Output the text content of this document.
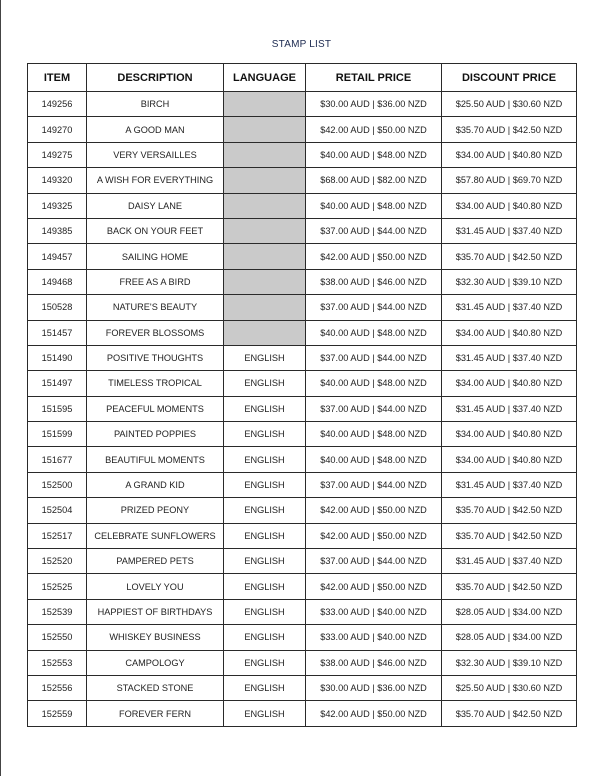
STAMP LIST
ITEM	DESCRIPTION	LANGUAGE	RETAIL PRICE	DISCOUNT PRICE
149256	BIRCH		$30.00 AUD | $36.00 NZD	$25.50 AUD | $30.60 NZD
149270	A GOOD MAN		$42.00 AUD | $50.00 NZD	$35.70 AUD | $42.50 NZD
149275	VERY VERSAILLES		$40.00 AUD | $48.00 NZD	$34.00 AUD | $40.80 NZD
149320	A WISH FOR EVERYTHING		$68.00 AUD | $82.00 NZD	$57.80 AUD | $69.70 NZD
149325	DAISY LANE		$40.00 AUD | $48.00 NZD	$34.00 AUD | $40.80 NZD
149385	BACK ON YOUR FEET		$37.00 AUD | $44.00 NZD	$31.45 AUD | $37.40 NZD
149457	SAILING HOME		$42.00 AUD | $50.00 NZD	$35.70 AUD | $42.50 NZD
149468	FREE AS A BIRD		$38.00 AUD | $46.00 NZD	$32.30 AUD | $39.10 NZD
150528	NATURE'S BEAUTY		$37.00 AUD | $44.00 NZD	$31.45 AUD | $37.40 NZD
151457	FOREVER BLOSSOMS		$40.00 AUD | $48.00 NZD	$34.00 AUD | $40.80 NZD
151490	POSITIVE THOUGHTS	ENGLISH	$37.00 AUD | $44.00 NZD	$31.45 AUD | $37.40 NZD
151497	TIMELESS TROPICAL	ENGLISH	$40.00 AUD | $48.00 NZD	$34.00 AUD | $40.80 NZD
151595	PEACEFUL MOMENTS	ENGLISH	$37.00 AUD | $44.00 NZD	$31.45 AUD | $37.40 NZD
151599	PAINTED POPPIES	ENGLISH	$40.00 AUD | $48.00 NZD	$34.00 AUD | $40.80 NZD
151677	BEAUTIFUL MOMENTS	ENGLISH	$40.00 AUD | $48.00 NZD	$34.00 AUD | $40.80 NZD
152500	A GRAND KID	ENGLISH	$37.00 AUD | $44.00 NZD	$31.45 AUD | $37.40 NZD
152504	PRIZED PEONY	ENGLISH	$42.00 AUD | $50.00 NZD	$35.70 AUD | $42.50 NZD
152517	CELEBRATE SUNFLOWERS	ENGLISH	$42.00 AUD | $50.00 NZD	$35.70 AUD | $42.50 NZD
152520	PAMPERED PETS	ENGLISH	$37.00 AUD | $44.00 NZD	$31.45 AUD | $37.40 NZD
152525	LOVELY YOU	ENGLISH	$42.00 AUD | $50.00 NZD	$35.70 AUD | $42.50 NZD
152539	HAPPIEST OF BIRTHDAYS	ENGLISH	$33.00 AUD | $40.00 NZD	$28.05 AUD | $34.00 NZD
152550	WHISKEY BUSINESS	ENGLISH	$33.00 AUD | $40.00 NZD	$28.05 AUD | $34.00 NZD
152553	CAMPOLOGY	ENGLISH	$38.00 AUD | $46.00 NZD	$32.30 AUD | $39.10 NZD
152556	STACKED STONE	ENGLISH	$30.00 AUD | $36.00 NZD	$25.50 AUD | $30.60 NZD
152559	FOREVER FERN	ENGLISH	$42.00 AUD | $50.00 NZD	$35.70 AUD | $42.50 NZD
